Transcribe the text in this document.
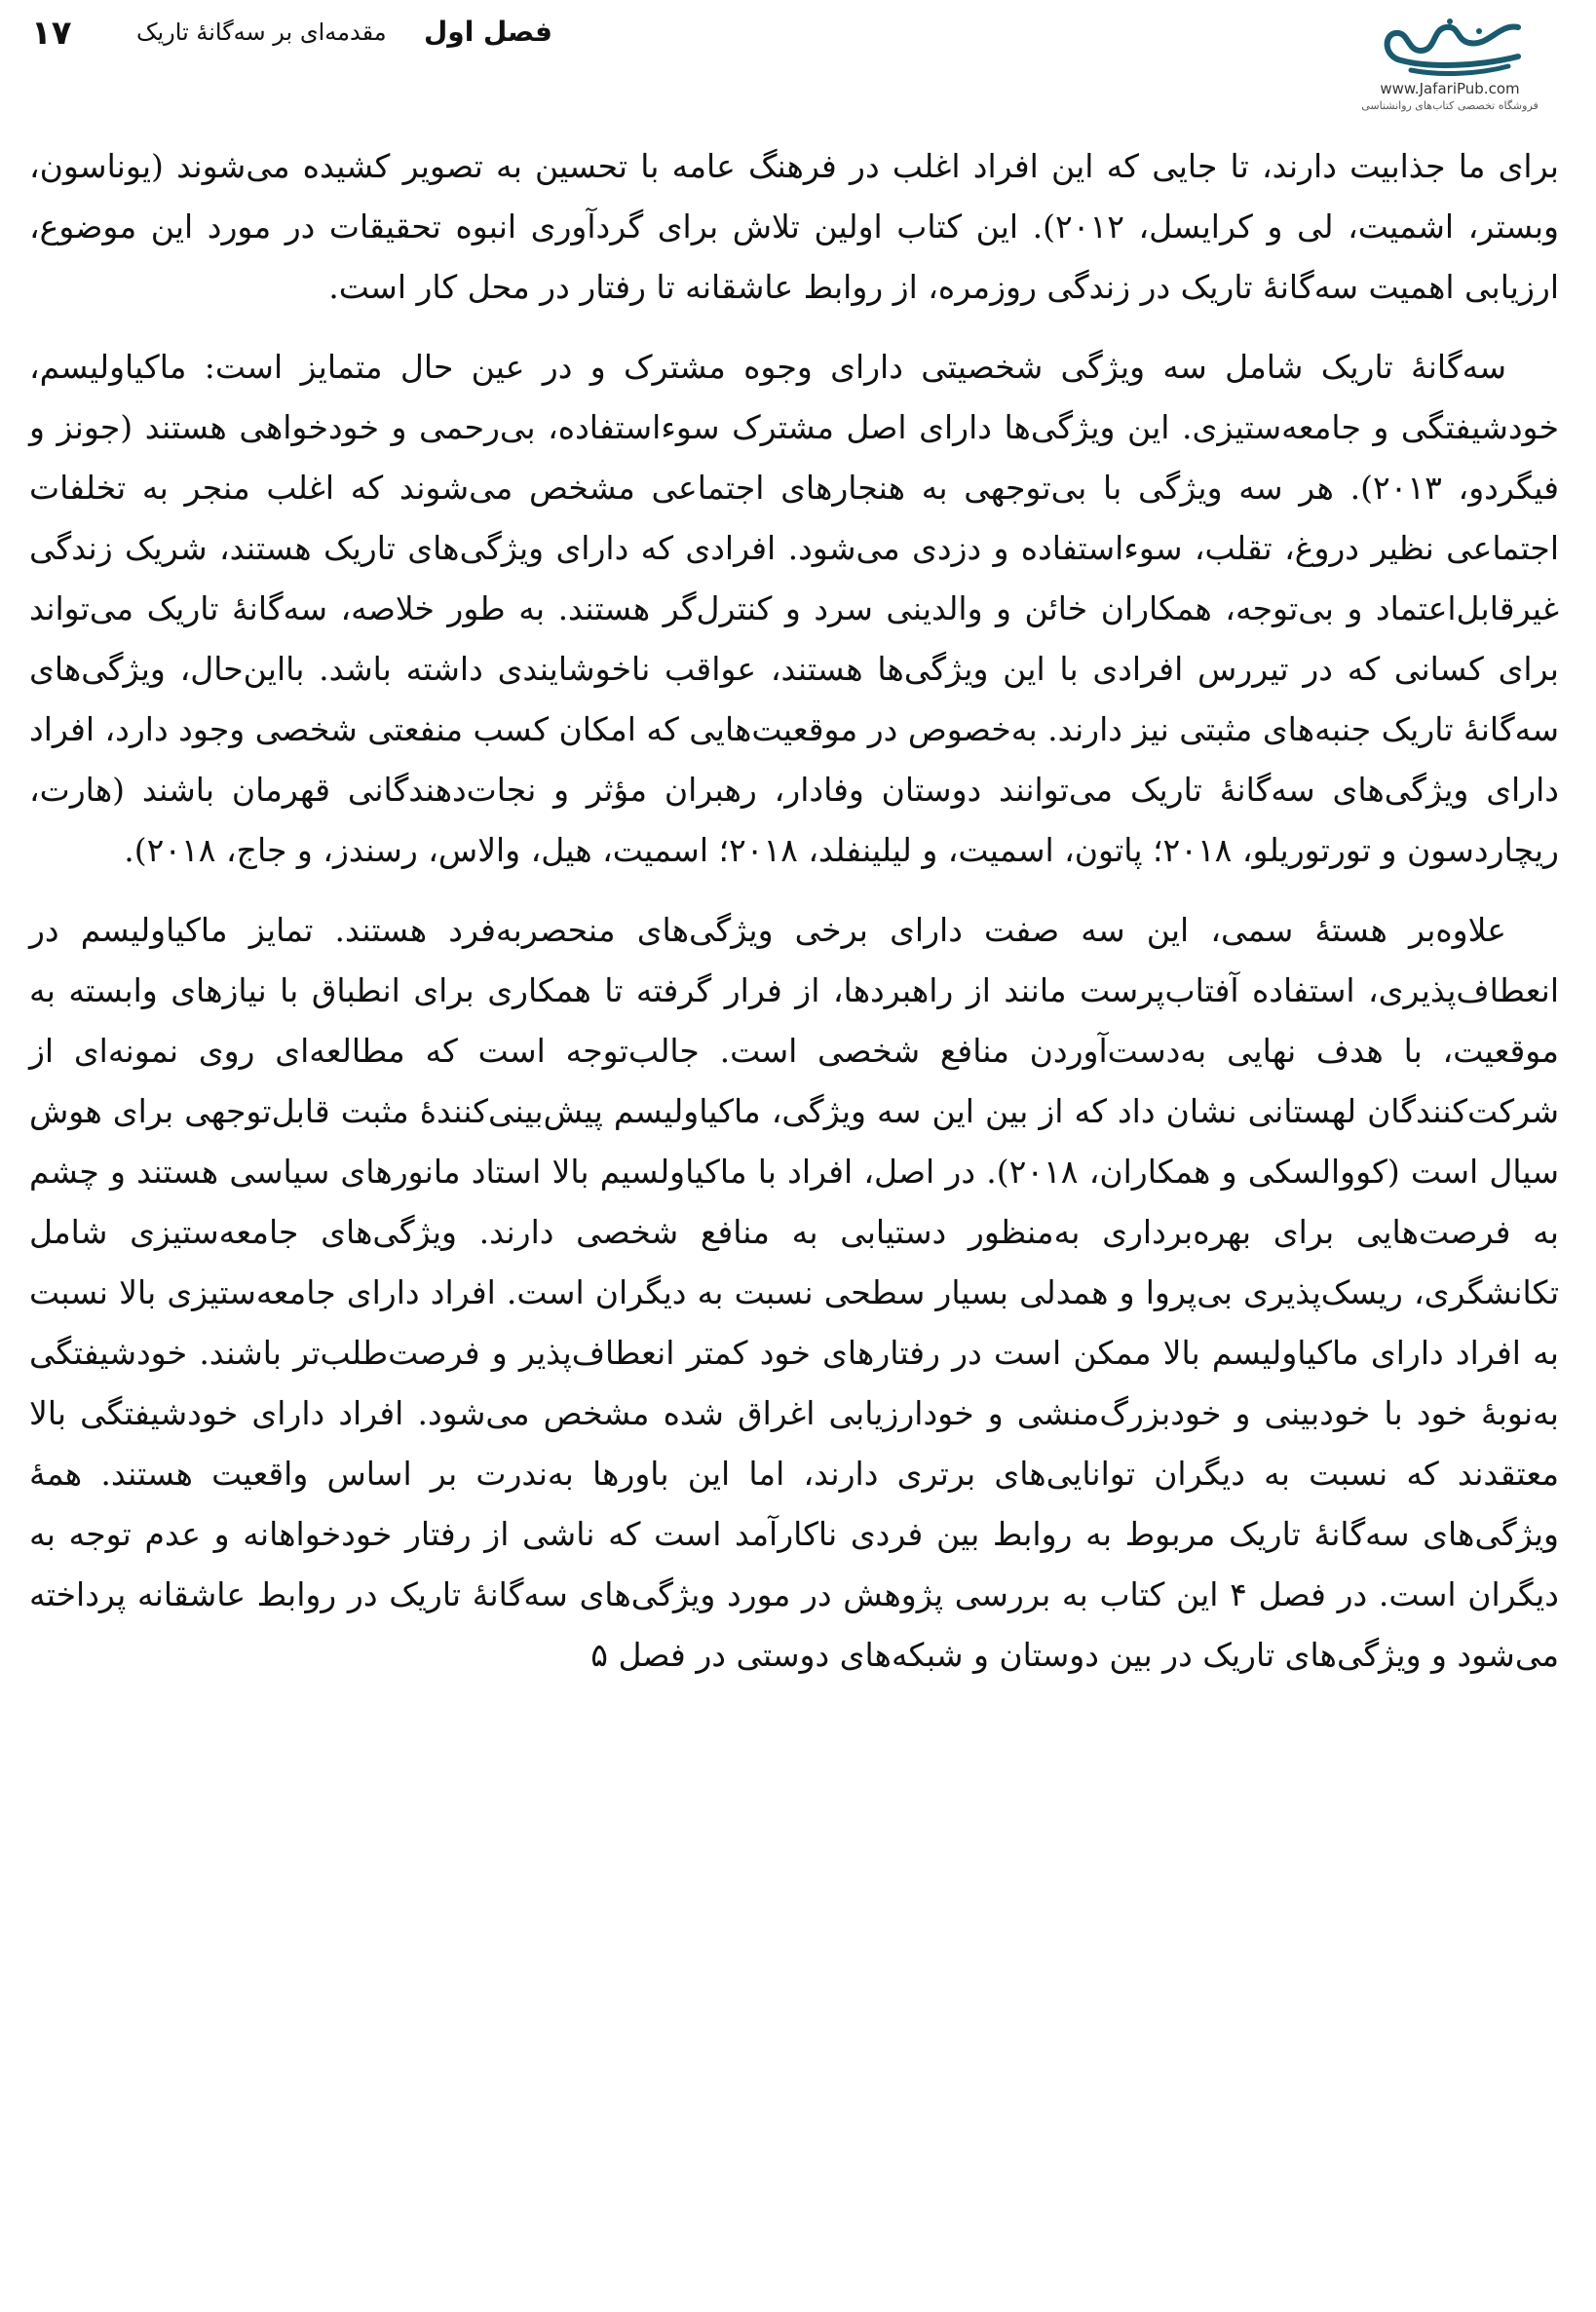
۱۷	فصل اول
مقدمه‌ای بر سه‌گانهٔ تاریک
www.JafariPub.com
فروشگاه تخصصی کتاب‌های روانشناسی

برای ما جذابیت دارند، تا جایی که این افراد اغلب در فرهنگ عامه با تحسین به تصویر کشیده می‌شوند (یوناسون، وبستر، اشمیت، لی و کرایسل، ۲۰۱۲). این کتاب اولین تلاش برای گردآوری انبوه تحقیقات در مورد این موضوع، ارزیابی اهمیت سه‌گانهٔ تاریک در زندگی روزمره، از روابط عاشقانه تا رفتار در محل کار است.

سه‌گانهٔ تاریک شامل سه ویژگی شخصیتی دارای وجوه مشترک و در عین حال متمایز است: ماکیاولیسم، خودشیفتگی و جامعه‌ستیزی. این ویژگی‌ها دارای اصل مشترک سوءاستفاده، بی‌رحمی و خودخواهی هستند (جونز و فیگردو، ۲۰۱۳). هر سه ویژگی با بی‌توجهی به هنجارهای اجتماعی مشخص می‌شوند که اغلب منجر به تخلفات اجتماعی نظیر دروغ، تقلب، سوءاستفاده و دزدی می‌شود. افرادی که دارای ویژگی‌های تاریک هستند، شریک زندگی غیرقابل‌اعتماد و بی‌توجه، همکاران خائن و والدینی سرد و کنترل‌گر هستند. به طور خلاصه، سه‌گانهٔ تاریک می‌تواند برای کسانی که در تیررس افرادی با این ویژگی‌ها هستند، عواقب ناخوشایندی داشته باشد. بااین‌حال، ویژگی‌های سه‌گانهٔ تاریک جنبه‌های مثبتی نیز دارند. به‌خصوص در موقعیت‌هایی که امکان کسب منفعتی شخصی وجود دارد، افراد دارای ویژگی‌های سه‌گانهٔ تاریک می‌توانند دوستان وفادار، رهبران مؤثر و نجات‌دهندگانی قهرمان باشند (هارت، ریچاردسون و تورتوریلو، ۲۰۱۸؛ پاتون، اسمیت، و لیلینفلد، ۲۰۱۸؛ اسمیت، هیل، والاس، رسندز، و جاج، ۲۰۱۸).

علاوه‌بر هستهٔ سمی، این سه صفت دارای برخی ویژگی‌های منحصربه‌فرد هستند. تمایز ماکیاولیسم در انعطاف‌پذیری، استفاده آفتاب‌پرست مانند از راهبردها، از فرار گرفته تا همکاری برای انطباق با نیازهای وابسته به موقعیت، با هدف نهایی به‌دست‌آوردن منافع شخصی است. جالب‌توجه است که مطالعه‌ای روی نمونه‌ای از شرکت‌کنندگان لهستانی نشان داد که از بین این سه ویژگی، ماکیاولیسم پیش‌بینی‌کنندهٔ مثبت قابل‌توجهی برای هوش سیال است (کووالسکی و همکاران، ۲۰۱۸). در اصل، افراد با ماکیاولسیم بالا استاد مانورهای سیاسی هستند و چشم به فرصت‌هایی برای بهره‌برداری به‌منظور دستیابی به منافع شخصی دارند. ویژگی‌های جامعه‌ستیزی شامل تکانشگری، ریسک‌پذیری بی‌پروا و همدلی بسیار سطحی نسبت به دیگران است. افراد دارای جامعه‌ستیزی بالا نسبت به افراد دارای ماکیاولیسم بالا ممکن است در رفتارهای خود کمتر انعطاف‌پذیر و فرصت‌طلب‌تر باشند. خودشیفتگی به‌نوبهٔ خود با خودبینی و خودبزرگ‌منشی و خودارزیابی اغراق شده مشخص می‌شود. افراد دارای خودشیفتگی بالا معتقدند که نسبت به دیگران توانایی‌های برتری دارند، اما این باورها به‌ندرت بر اساس واقعیت هستند. همهٔ ویژگی‌های سه‌گانهٔ تاریک مربوط به روابط بین فردی ناکارآمد است که ناشی از رفتار خودخواهانه و عدم توجه به دیگران است. در فصل ۴ این کتاب به بررسی پژوهش در مورد ویژگی‌های سه‌گانهٔ تاریک در روابط عاشقانه پرداخته می‌شود و ویژگی‌های تاریک در بین دوستان و شبکه‌های دوستی در فصل ۵
